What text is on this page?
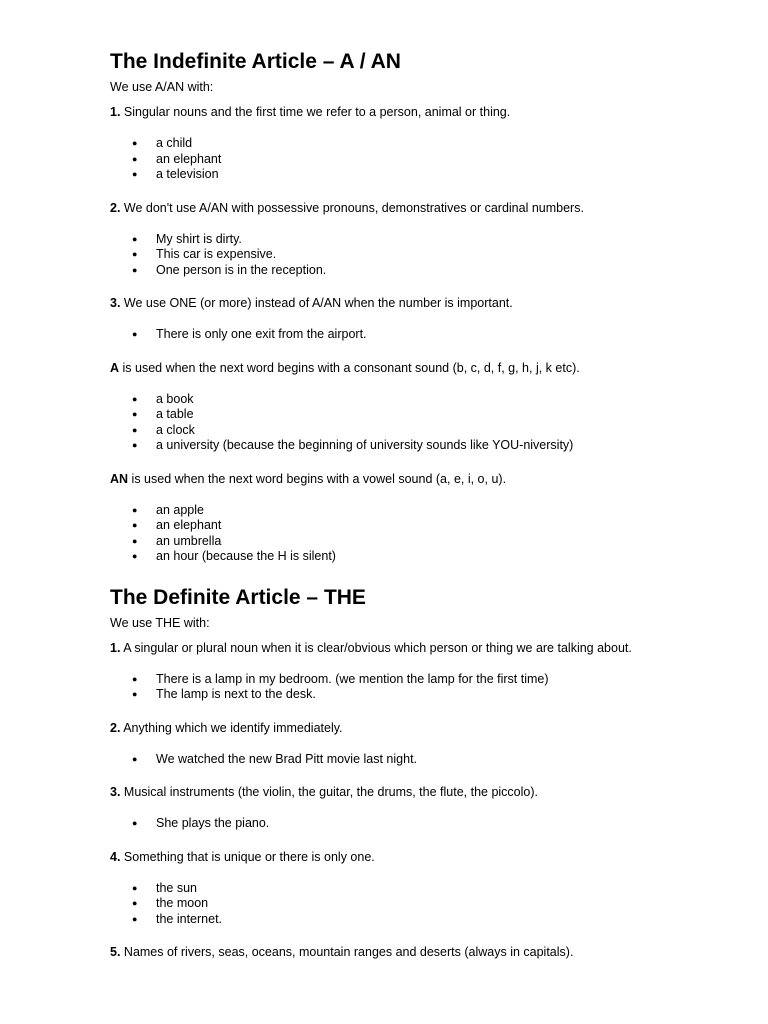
The Indefinite Article – A / AN

We use A/AN with:

1. Singular nouns and the first time we refer to a person, animal or thing.

● a child
● an elephant
● a television

2. We don't use A/AN with possessive pronouns, demonstratives or cardinal numbers.

● My shirt is dirty.
● This car is expensive.
● One person is in the reception.

3. We use ONE (or more) instead of A/AN when the number is important.

● There is only one exit from the airport.

A is used when the next word begins with a consonant sound (b, c, d, f, g, h, j, k etc).

● a book
● a table
● a clock
● a university (because the beginning of university sounds like YOU-niversity)

AN is used when the next word begins with a vowel sound (a, e, i, o, u).

● an apple
● an elephant
● an umbrella
● an hour (because the H is silent)
The Definite Article – THE

We use THE with:

1. A singular or plural noun when it is clear/obvious which person or thing we are talking about.

● There is a lamp in my bedroom. (we mention the lamp for the first time)
● The lamp is next to the desk.

2. Anything which we identify immediately.

● We watched the new Brad Pitt movie last night.

3. Musical instruments (the violin, the guitar, the drums, the flute, the piccolo).

● She plays the piano.

4. Something that is unique or there is only one.

● the sun
● the moon
● the internet.

5. Names of rivers, seas, oceans, mountain ranges and deserts (always in capitals).
